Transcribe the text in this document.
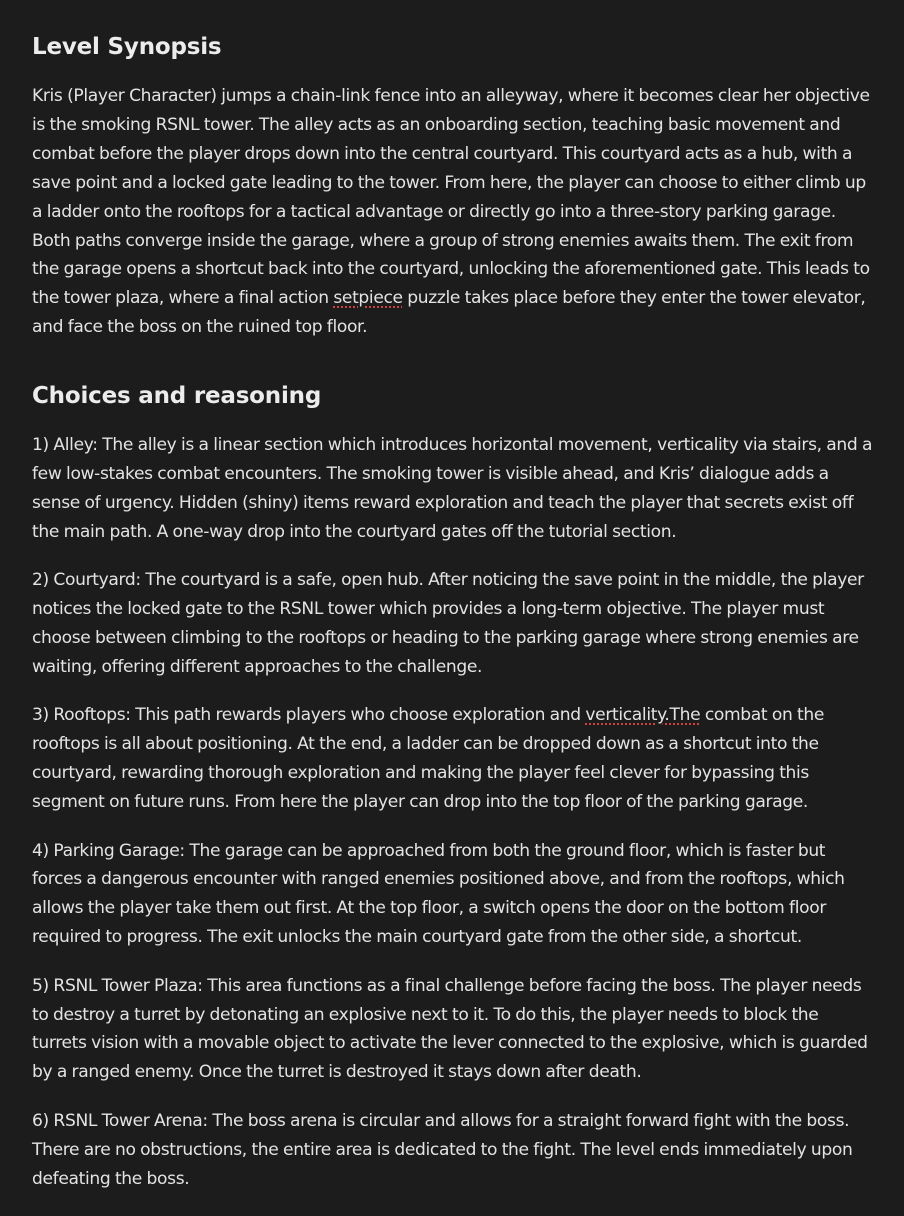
Level Synopsis

Kris (Player Character) jumps a chain-link fence into an alleyway, where it becomes clear her objective is the smoking RSNL tower. The alley acts as an onboarding section, teaching basic movement and combat before the player drops down into the central courtyard. This courtyard acts as a hub, with a save point and a locked gate leading to the tower. From here, the player can choose to either climb up a ladder onto the rooftops for a tactical advantage or directly go into a three-story parking garage. Both paths converge inside the garage, where a group of strong enemies awaits them. The exit from the garage opens a shortcut back into the courtyard, unlocking the aforementioned gate. This leads to the tower plaza, where a final action setpiece puzzle takes place before they enter the tower elevator, and face the boss on the ruined top floor.

Choices and reasoning

1) Alley: The alley is a linear section which introduces horizontal movement, verticality via stairs, and a few low-stakes combat encounters. The smoking tower is visible ahead, and Kris’ dialogue adds a sense of urgency. Hidden (shiny) items reward exploration and teach the player that secrets exist off the main path. A one-way drop into the courtyard gates off the tutorial section.

2) Courtyard: The courtyard is a safe, open hub. After noticing the save point in the middle, the player notices the locked gate to the RSNL tower which provides a long-term objective. The player must choose between climbing to the rooftops or heading to the parking garage where strong enemies are waiting, offering different approaches to the challenge.

3) Rooftops: This path rewards players who choose exploration and verticality.The combat on the rooftops is all about positioning. At the end, a ladder can be dropped down as a shortcut into the courtyard, rewarding thorough exploration and making the player feel clever for bypassing this segment on future runs. From here the player can drop into the top floor of the parking garage.

4) Parking Garage: The garage can be approached from both the ground floor, which is faster but forces a dangerous encounter with ranged enemies positioned above, and from the rooftops, which allows the player take them out first. At the top floor, a switch opens the door on the bottom floor required to progress. The exit unlocks the main courtyard gate from the other side, a shortcut.

5) RSNL Tower Plaza: This area functions as a final challenge before facing the boss. The player needs to destroy a turret by detonating an explosive next to it. To do this, the player needs to block the turrets vision with a movable object to activate the lever connected to the explosive, which is guarded by a ranged enemy. Once the turret is destroyed it stays down after death.

6) RSNL Tower Arena: The boss arena is circular and allows for a straight forward fight with the boss. There are no obstructions, the entire area is dedicated to the fight. The level ends immediately upon defeating the boss.
